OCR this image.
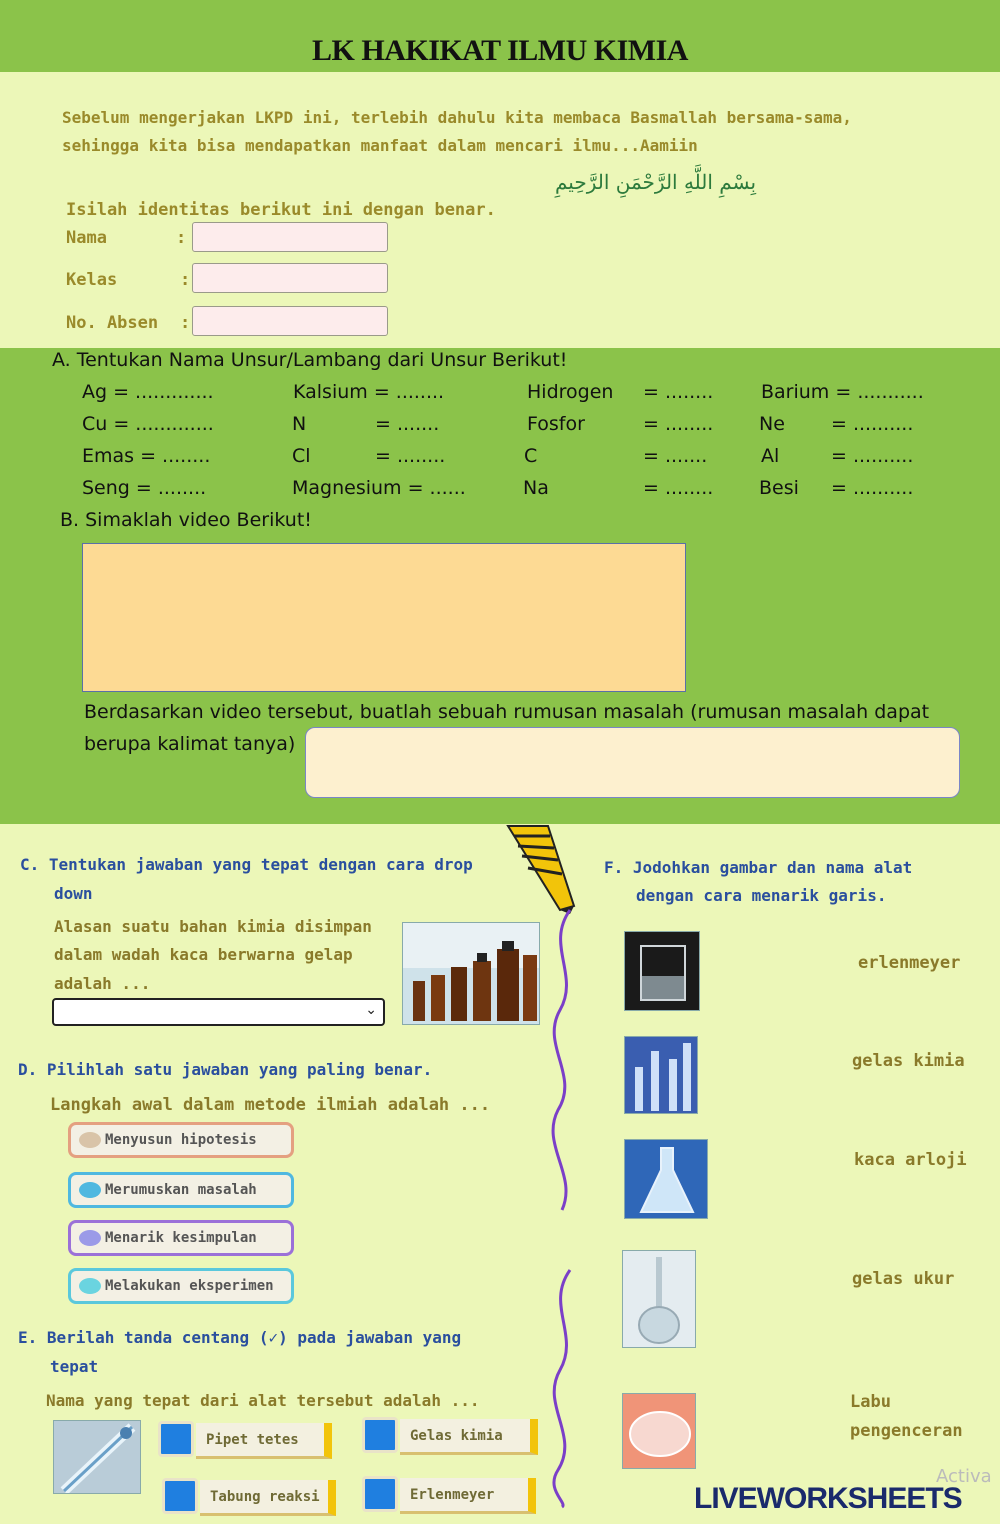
LK HAKIKAT ILMU KIMIA
Sebelum mengerjakan LKPD ini, terlebih dahulu kita membaca Basmallah bersama-sama,
sehingga kita bisa mendapatkan manfaat dalam mencari ilmu...Aamiin
بِسْمِ اللَّهِ الرَّحْمَنِ الرَّحِيمِ
Isilah identitas berikut ini dengan benar.
Nama	:
Kelas	:
No. Absen :
A. Tentukan Nama Unsur/Lambang dari Unsur Berikut!
Ag = .............	Kalsium = ........	Hidrogen = ........	Barium = ...........
Cu = .............	N	= .......	Fosfor	= ........ Ne = ..........
Emas = ........	Cl	= ........	C	= .......	Al	= ..........
Seng = ........	Magnesium = ......	Na	= ........ Besi = ..........
B. Simaklah video Berikut!
Berdasarkan video tersebut, buatlah sebuah rumusan masalah (rumusan masalah dapat
berupa kalimat tanya)
C. Tentukan jawaban yang tepat dengan cara drop
down
Alasan suatu bahan kimia disimpan
dalam wadah kaca berwarna gelap
adalah ...
⌄
D. Pilihlah satu jawaban yang paling benar.
Langkah awal dalam metode ilmiah adalah ...
Menyusun hipotesis
Merumuskan masalah
Menarik kesimpulan
Melakukan eksperimen
E. Berilah tanda centang (✓) pada jawaban yang
tepat
Nama yang tepat dari alat tersebut adalah ...
Pipet tetes	Gelas kimia
Tabung reaksi	Erlenmeyer
F. Jodohkan gambar dan nama alat
dengan cara menarik garis.
erlenmeyer
gelas kimia
kaca arloji
gelas ukur
Labu
pengenceran
Activa
LIVEWORKSHEETS
